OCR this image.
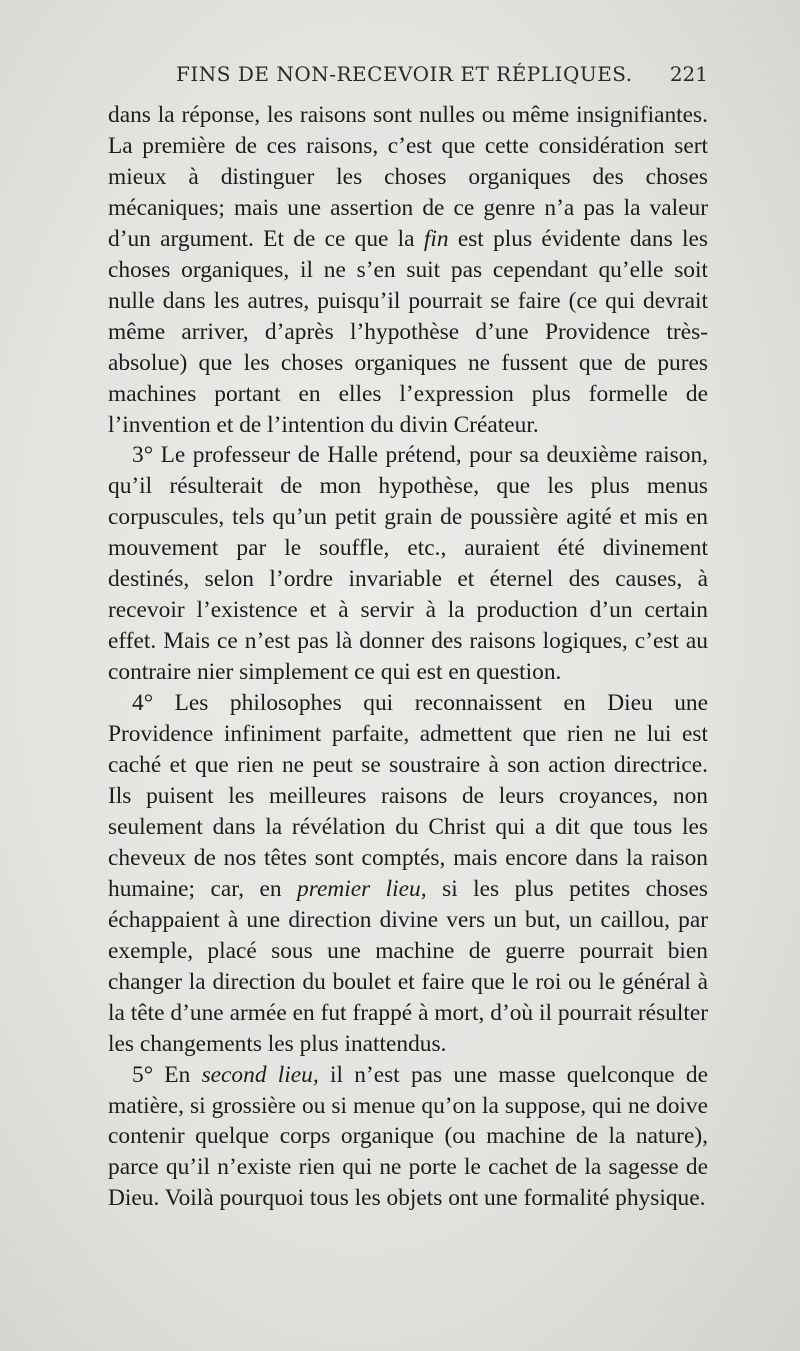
FINS DE NON-RECEVOIR ET RÉPLIQUES. 221

dans la réponse, les raisons sont nulles ou même insignifiantes. La première de ces raisons, c’est que cette considération sert mieux à distinguer les choses organiques des choses mécaniques; mais une assertion de ce genre n’a pas la valeur d’un argument. Et de ce que la fin est plus évidente dans les choses organiques, il ne s’en suit pas cependant qu’elle soit nulle dans les autres, puisqu’il pourrait se faire (ce qui devrait même arriver, d’après l’hypothèse d’une Providence très-absolue) que les choses organiques ne fussent que de pures machines portant en elles l’expression plus formelle de l’invention et de l’intention du divin Créateur.

3° Le professeur de Halle prétend, pour sa deuxième raison, qu’il résulterait de mon hypothèse, que les plus menus corpuscules, tels qu’un petit grain de poussière agité et mis en mouvement par le souffle, etc., auraient été divinement destinés, selon l’ordre invariable et éternel des causes, à recevoir l’existence et à servir à la production d’un certain effet. Mais ce n’est pas là donner des raisons logiques, c’est au contraire nier simplement ce qui est en question.

4° Les philosophes qui reconnaissent en Dieu une Providence infiniment parfaite, admettent que rien ne lui est caché et que rien ne peut se soustraire à son action directrice. Ils puisent les meilleures raisons de leurs croyances, non seulement dans la révélation du Christ qui a dit que tous les cheveux de nos têtes sont comptés, mais encore dans la raison humaine; car, en premier lieu, si les plus petites choses échappaient à une direction divine vers un but, un caillou, par exemple, placé sous une machine de guerre pourrait bien changer la direction du boulet et faire que le roi ou le général à la tête d’une armée en fut frappé à mort, d’où il pourrait résulter les changements les plus inattendus.

5° En second lieu, il n’est pas une masse quelconque de matière, si grossière ou si menue qu’on la suppose, qui ne doive contenir quelque corps organique (ou machine de la nature), parce qu’il n’existe rien qui ne porte le cachet de la sagesse de Dieu. Voilà pourquoi tous les objets ont une formalité physique.
